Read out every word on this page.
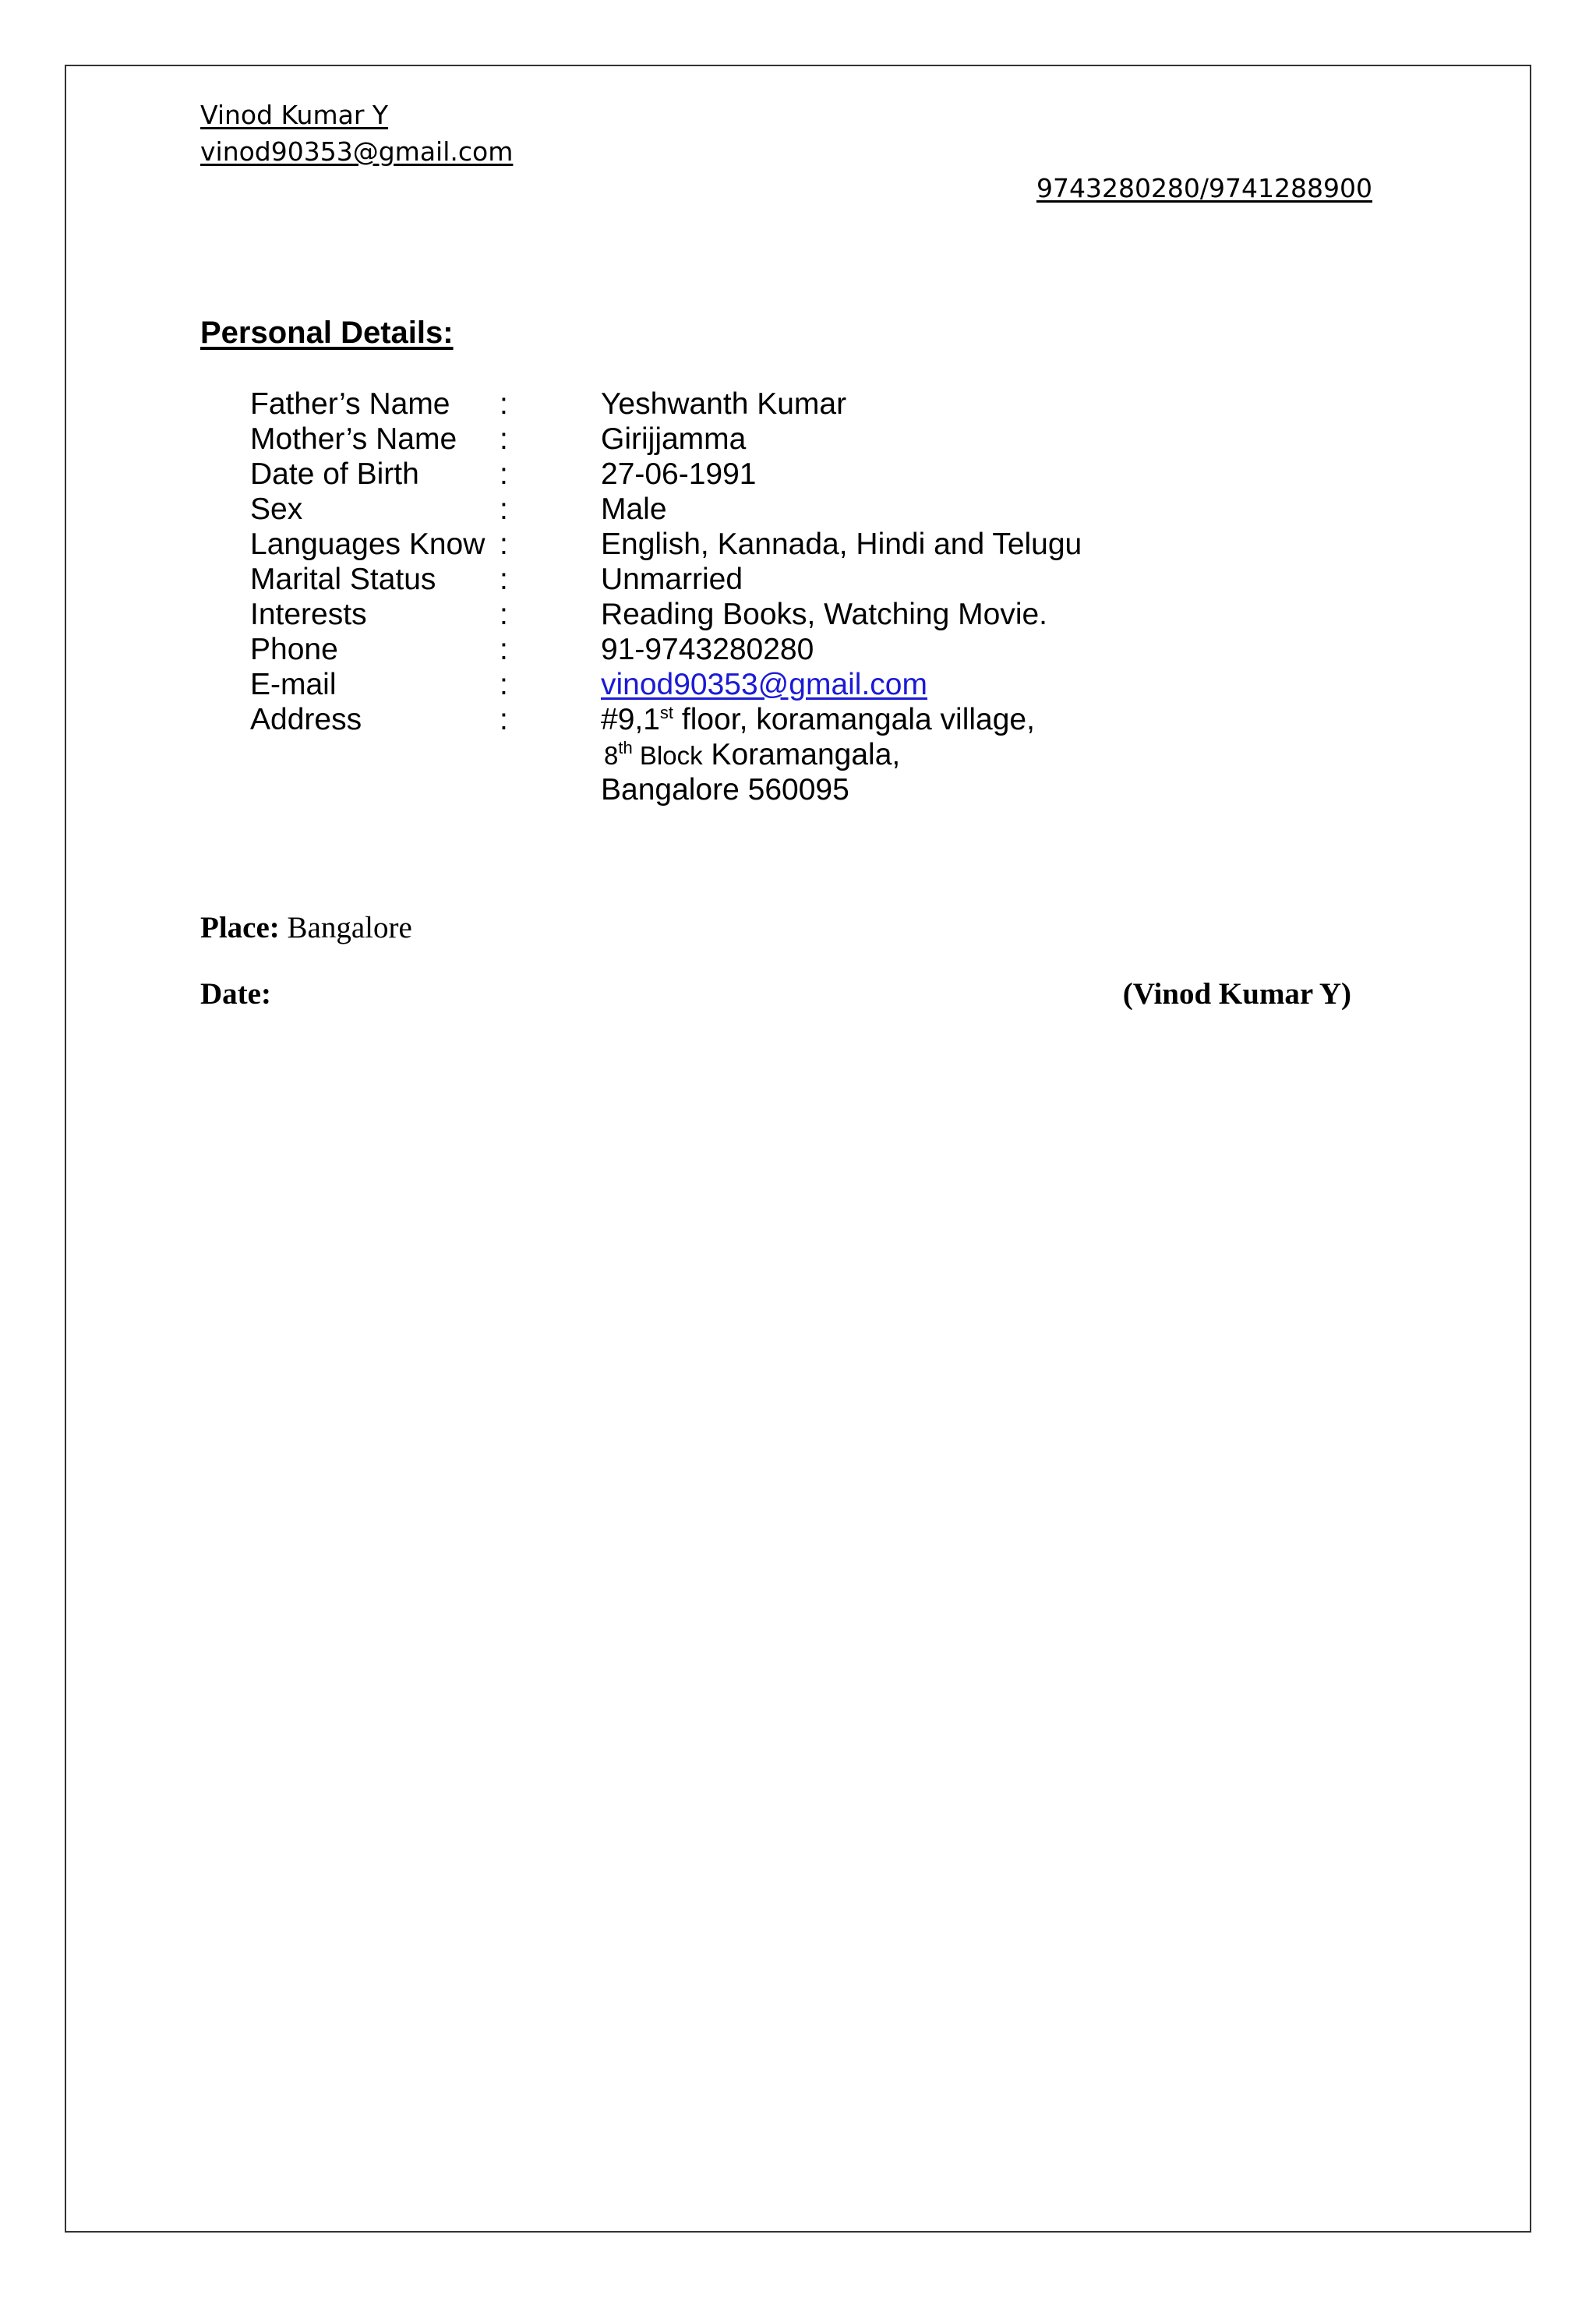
Vinod Kumar Y
vinod90353@gmail.com
9743280280/9741288900
Personal Details:
Father’s Name :	Yeshwanth Kumar
Mother’s Name :	Girijjamma
Date of Birth	:	27-06-1991
Sex	:	Male
Languages Know :	English, Kannada, Hindi and Telugu
Marital Status :	Unmarried
Interests	:	Reading Books, Watching Movie.
Phone	:	91-9743280280
E-mail	:	vinod90353@gmail.com
Address	:	#9,1st floor, koramangala village,
8th Block Koramangala,
Bangalore 560095
Place: Bangalore
Date:	(Vinod Kumar Y)
